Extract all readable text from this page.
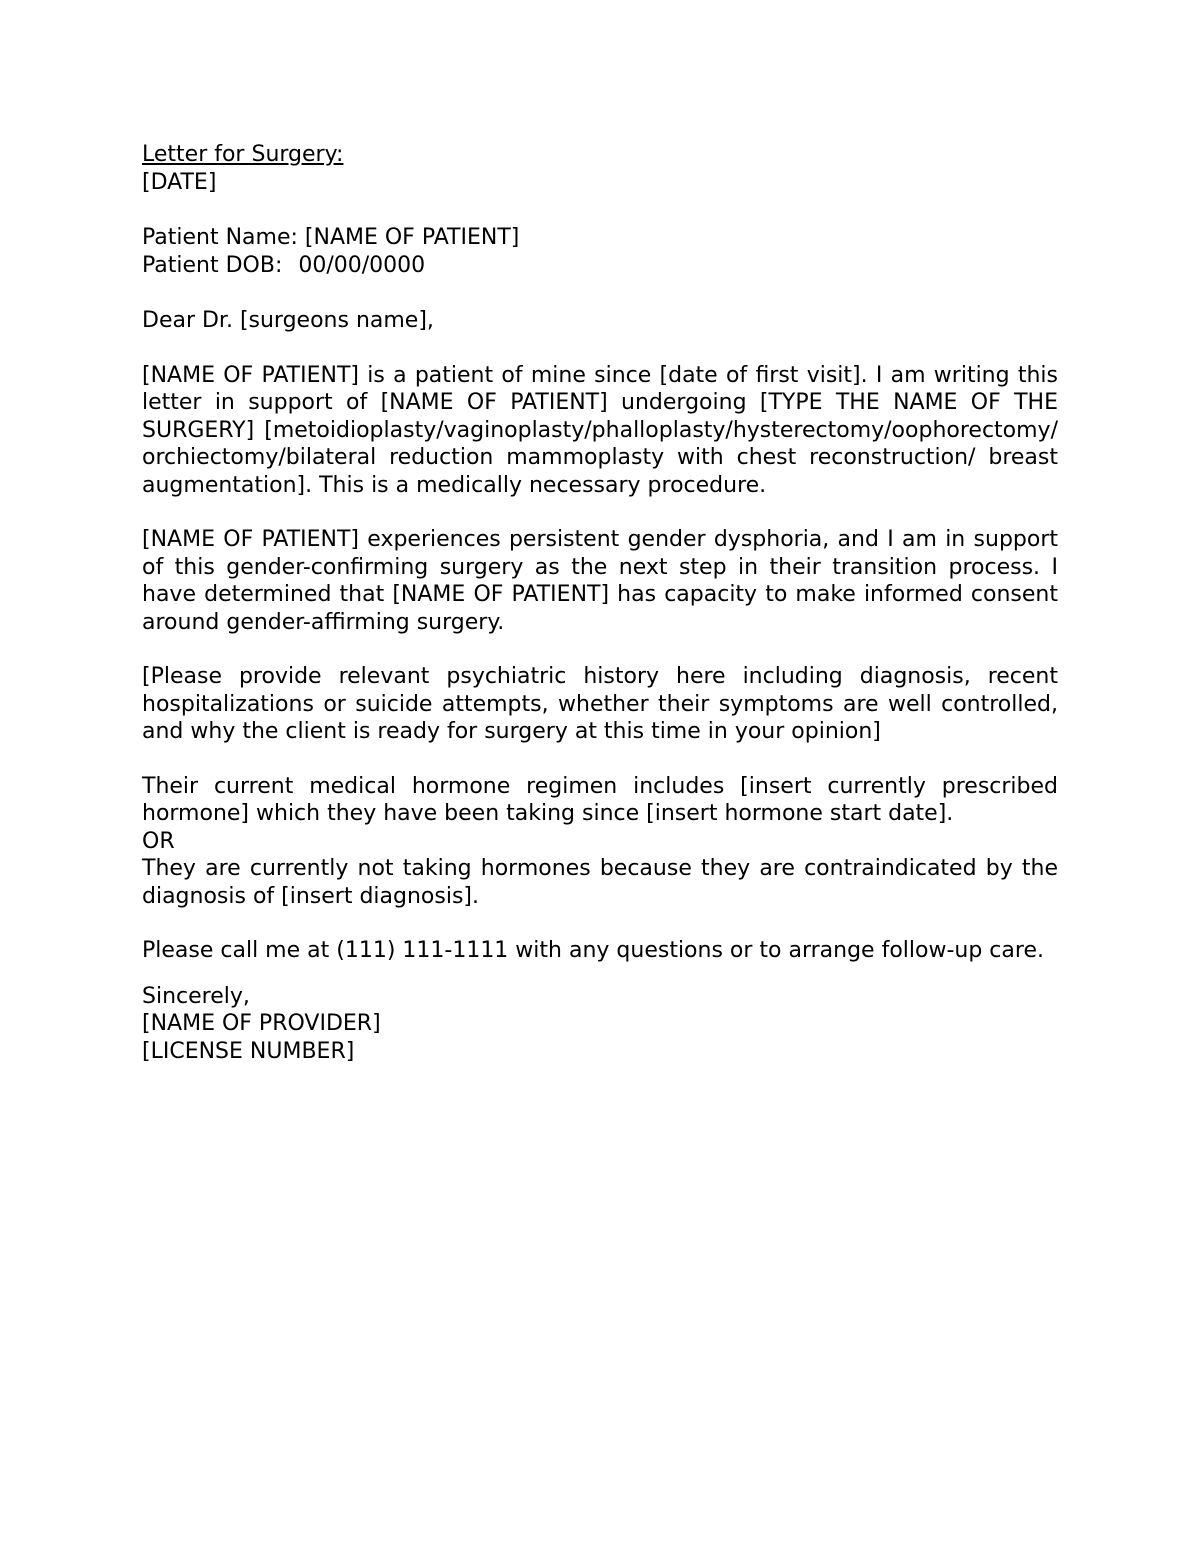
Letter for Surgery:

[DATE]

Patient Name: [NAME OF PATIENT]

Patient DOB: 00/00/0000

Dear Dr. [surgeons name],

[NAME OF PATIENT] is a patient of mine since [date of first visit]. I am writing this letter in support of [NAME OF PATIENT] undergoing [TYPE THE NAME OF THE SURGERY] [metoidioplasty/vaginoplasty/phalloplasty/hysterectomy/oophorectomy/ orchiectomy/bilateral reduction mammoplasty with chest reconstruction/ breast augmentation]. This is a medically necessary procedure.

[NAME OF PATIENT] experiences persistent gender dysphoria, and I am in support of this gender-confirming surgery as the next step in their transition process. I have determined that [NAME OF PATIENT] has capacity to make informed consent around gender-affirming surgery.

[Please provide relevant psychiatric history here including diagnosis, recent hospitalizations or suicide attempts, whether their symptoms are well controlled, and why the client is ready for surgery at this time in your opinion]

Their current medical hormone regimen includes [insert currently prescribed hormone] which they have been taking since [insert hormone start date].

OR

They are currently not taking hormones because they are contraindicated by the diagnosis of [insert diagnosis].

Please call me at (111) 111-1111 with any questions or to arrange follow-up care.

Sincerely,

[NAME OF PROVIDER]

[LICENSE NUMBER]
